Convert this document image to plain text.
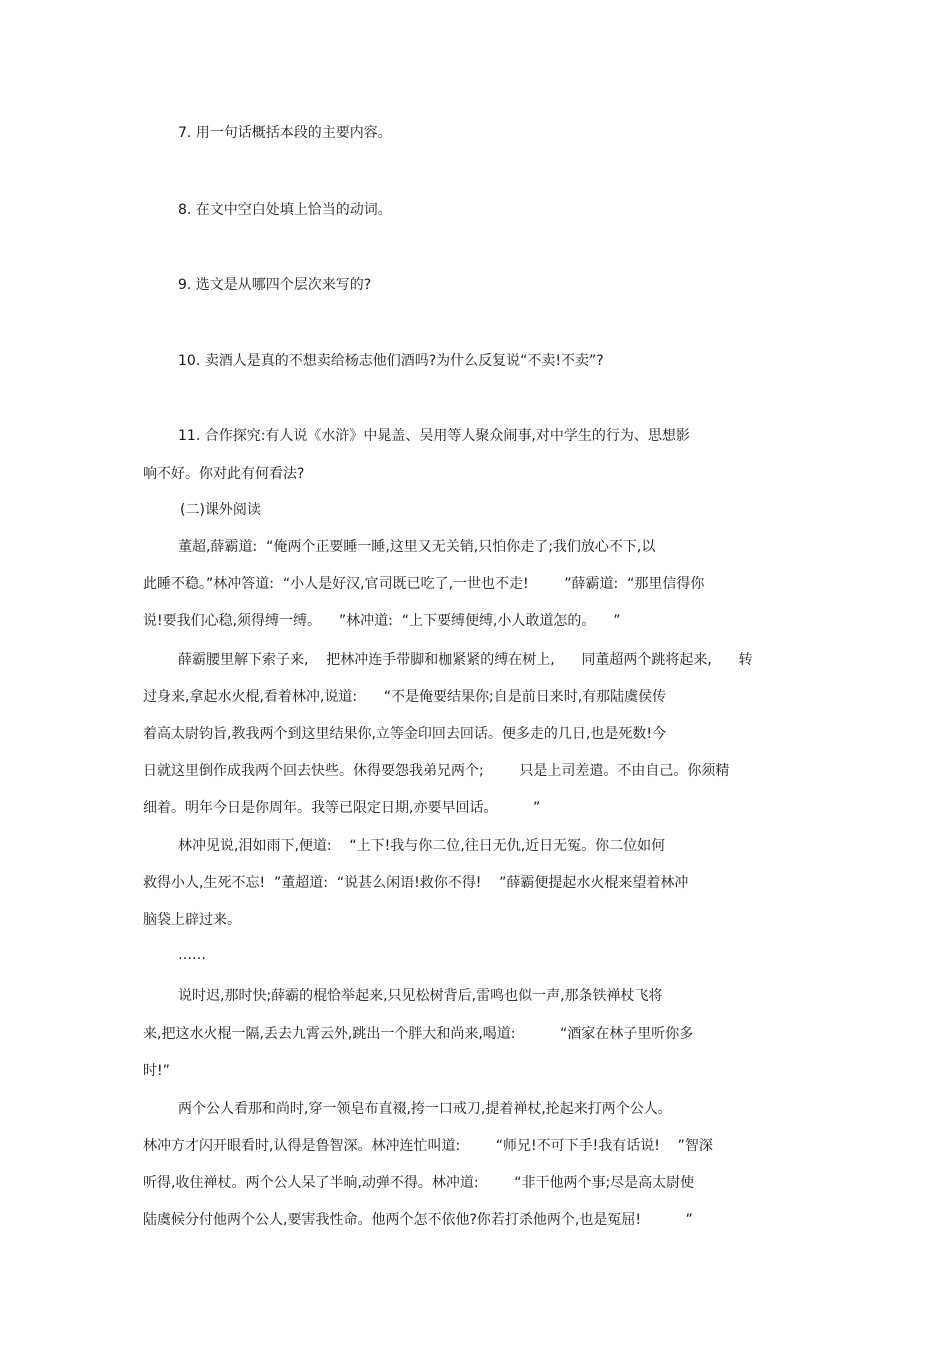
7. 用一句话概括本段的主要内容。
8. 在文中空白处填上恰当的动词。
9. 选文是从哪四个层次来写的?
10. 卖酒人是真的不想卖给杨志他们酒吗?为什么反复说“不卖!不卖”?
11. 合作探究:有人说《水浒》中晁盖、吴用等人聚众闹事,对中学生的行为、思想影
响不好。你对此有何看法?
(二)课外阅读
董超,薛霸道:  “俺两个正要睡一睡,这里又无关销,只怕你走了;我们放心不下,以
此睡不稳。”林冲答道:  “小人是好汉,官司既已吃了,一世也不走!        ”薛霸道:  “那里信得你
说!要我们心稳,须得缚一缚。    ”林冲道:  “上下要缚便缚,小人敢道怎的。    ”
薛霸腰里解下索子来,    把林冲连手带脚和枷紧紧的缚在树上,      同董超两个跳将起来,      转
过身来,拿起水火棍,看着林冲,说道:      “不是俺要结果你;自是前日来时,有那陆虞侯传
着高太尉钧旨,教我两个到这里结果你,立等金印回去回话。便多走的几日,也是死数!今
日就这里倒作成我两个回去快些。休得要怨我弟兄两个;        只是上司差遣。不由自己。你须精
细着。明年今日是你周年。我等已限定日期,亦要早回话。        ”
林冲见说,泪如雨下,便道:    “上下!我与你二位,往日无仇,近日无冤。你二位如何
救得小人,生死不忘!  ”董超道:  “说甚么闲语!救你不得!    ”薛霸便提起水火棍来望着林冲
脑袋上辟过来。
……
说时迟,那时快;薛霸的棍恰举起来,只见松树背后,雷鸣也似一声,那条铁禅杖飞将
来,把这水火棍一隔,丢去九霄云外,跳出一个胖大和尚来,喝道:          “酒家在林子里听你多
时!”
两个公人看那和尚时,穿一领皂布直裰,挎一口戒刀,提着禅杖,抡起来打两个公人。
林冲方才闪开眼看时,认得是鲁智深。林冲连忙叫道:        “师兄!不可下手!我有话说!    ”智深
听得,收住禅杖。两个公人呆了半晌,动弹不得。林冲道:        “非干他两个事;尽是高太尉使
陆虞候分付他两个公人,要害我性命。他两个怎不依他?你若打杀他两个,也是冤屈!          ”
